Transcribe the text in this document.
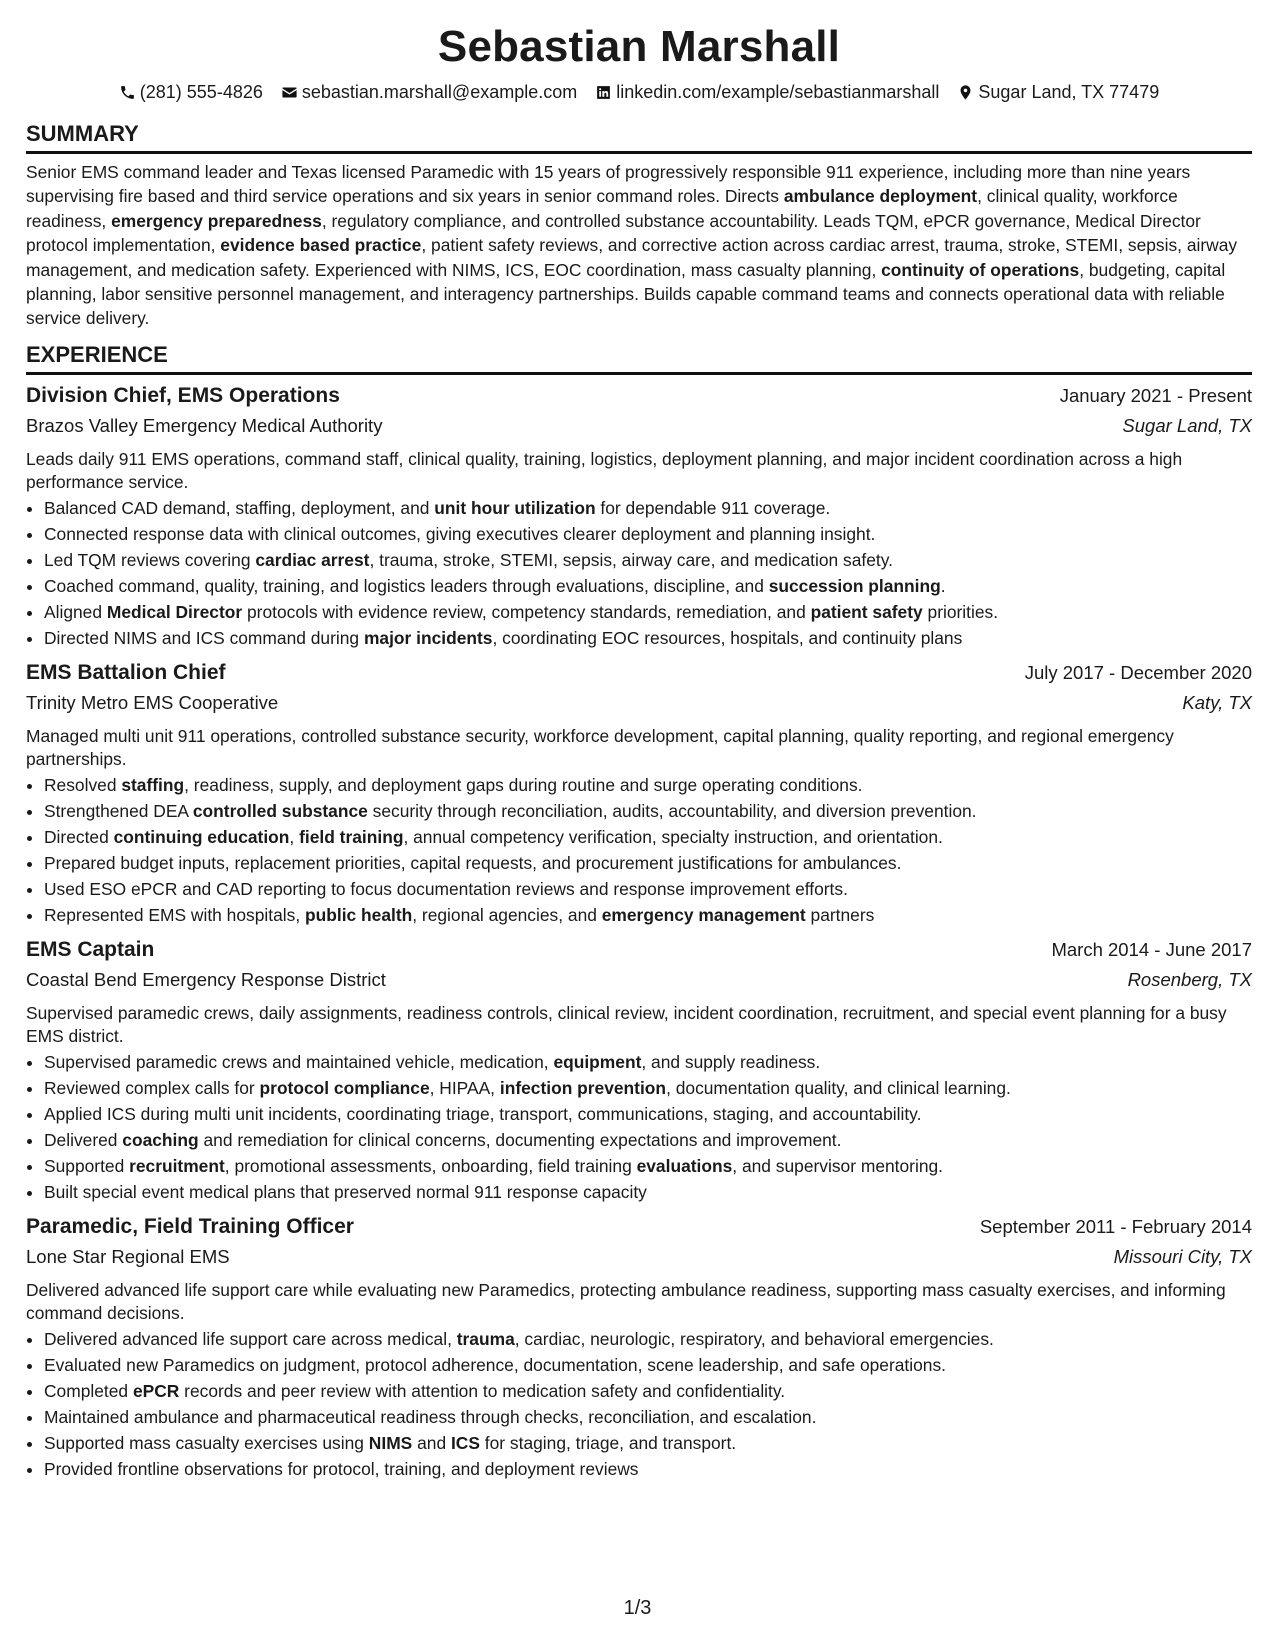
Sebastian Marshall
(281) 555-4826 sebastian.marshall@example.com linkedin.com/example/sebastianmarshall Sugar Land, TX 77479
SUMMARY

Senior EMS command leader and Texas licensed Paramedic with 15 years of progressively responsible 911 experience, including more than nine years supervising fire based and third service operations and six years in senior command roles. Directs ambulance deployment, clinical quality, workforce readiness, emergency preparedness, regulatory compliance, and controlled substance accountability. Leads TQM, ePCR governance, Medical Director protocol implementation, evidence based practice, patient safety reviews, and corrective action across cardiac arrest, trauma, stroke, STEMI, sepsis, airway management, and medication safety. Experienced with NIMS, ICS, EOC coordination, mass casualty planning, continuity of operations, budgeting, capital planning, labor sensitive personnel management, and interagency partnerships. Builds capable command teams and connects operational data with reliable service delivery.

EXPERIENCE
Division Chief, EMS Operations	January 2021 - Present
Brazos Valley Emergency Medical Authority	Sugar Land, TX

Leads daily 911 EMS operations, command staff, clinical quality, training, logistics, deployment planning, and major incident coordination across a high performance service.

• Balanced CAD demand, staffing, deployment, and unit hour utilization for dependable 911 coverage.
• Connected response data with clinical outcomes, giving executives clearer deployment and planning insight.
• Led TQM reviews covering cardiac arrest, trauma, stroke, STEMI, sepsis, airway care, and medication safety.
• Coached command, quality, training, and logistics leaders through evaluations, discipline, and succession planning.
• Aligned Medical Director protocols with evidence review, competency standards, remediation, and patient safety priorities.
• Directed NIMS and ICS command during major incidents, coordinating EOC resources, hospitals, and continuity plans
EMS Battalion Chief	July 2017 - December 2020
Trinity Metro EMS Cooperative	Katy, TX

Managed multi unit 911 operations, controlled substance security, workforce development, capital planning, quality reporting, and regional emergency partnerships.

• Resolved staffing, readiness, supply, and deployment gaps during routine and surge operating conditions.
• Strengthened DEA controlled substance security through reconciliation, audits, accountability, and diversion prevention.
• Directed continuing education, field training, annual competency verification, specialty instruction, and orientation.
• Prepared budget inputs, replacement priorities, capital requests, and procurement justifications for ambulances.
• Used ESO ePCR and CAD reporting to focus documentation reviews and response improvement efforts.
• Represented EMS with hospitals, public health, regional agencies, and emergency management partners
EMS Captain	March 2014 - June 2017
Coastal Bend Emergency Response District	Rosenberg, TX

Supervised paramedic crews, daily assignments, readiness controls, clinical review, incident coordination, recruitment, and special event planning for a busy EMS district.

• Supervised paramedic crews and maintained vehicle, medication, equipment, and supply readiness.
• Reviewed complex calls for protocol compliance, HIPAA, infection prevention, documentation quality, and clinical learning.
• Applied ICS during multi unit incidents, coordinating triage, transport, communications, staging, and accountability.
• Delivered coaching and remediation for clinical concerns, documenting expectations and improvement.
• Supported recruitment, promotional assessments, onboarding, field training evaluations, and supervisor mentoring.
• Built special event medical plans that preserved normal 911 response capacity
Paramedic, Field Training Officer	September 2011 - February 2014
Lone Star Regional EMS	Missouri City, TX

Delivered advanced life support care while evaluating new Paramedics, protecting ambulance readiness, supporting mass casualty exercises, and informing command decisions.

• Delivered advanced life support care across medical, trauma, cardiac, neurologic, respiratory, and behavioral emergencies.
• Evaluated new Paramedics on judgment, protocol adherence, documentation, scene leadership, and safe operations.
• Completed ePCR records and peer review with attention to medication safety and confidentiality.
• Maintained ambulance and pharmaceutical readiness through checks, reconciliation, and escalation.
• Supported mass casualty exercises using NIMS and ICS for staging, triage, and transport.
• Provided frontline observations for protocol, training, and deployment reviews
1/3
